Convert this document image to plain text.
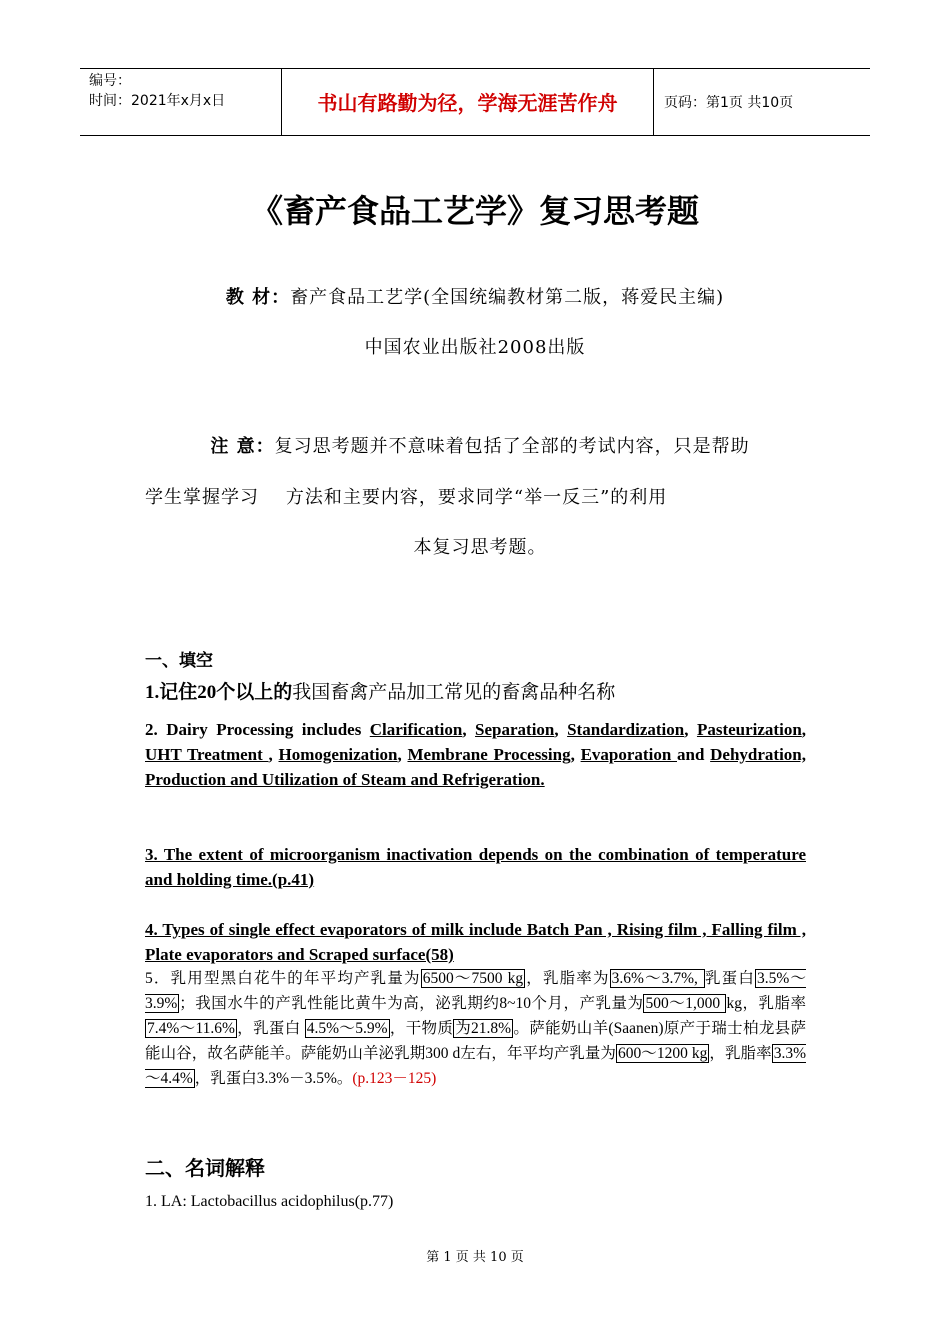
编号：
时间：2021年x月x日	书山有路勤为径，学海无涯苦作舟	页码：第1页 共10页
《畜产食品工艺学》复习思考题
教 材：畜产食品工艺学(全国统编教材第二版，蒋爱民主编)
中国农业出版社2008出版
注 意：复习思考题并不意味着包括了全部的考试内容，只是帮助
学生掌握学习    方法和主要内容，要求同学“举一反三”的利用
本复习思考题。
一、填空
1.记住20个以上的我国畜禽产品加工常见的畜禽品种名称
2. Dairy Processing includes Clarification, Separation, Standardization, Pasteurization, UHT Treatment , Homogenization, Membrane Processing, Evaporation and Dehydration, Production and Utilization of Steam and Refrigeration.
3. The extent of microorganism inactivation depends on the combination of temperature and holding time.(p.41)
4. Types of single effect evaporators of milk include Batch Pan , Rising film , Falling film , Plate evaporators and Scraped surface(58)
5．乳用型黑白花牛的年平均产乳量为 6500～7500 kg ，乳脂率为 3.6%～3.7%, 乳蛋白 3.5%～3.9% ；我国水牛的产乳性能比黄牛为高，泌乳期约8~10个月，产乳量为 500～1,000 kg，乳脂率7.4%～11.6% ，乳蛋白 4.5%～5.9% ，干物质 为21.8% 。萨能奶山羊(Saanen)原产于瑞士柏龙县萨能山谷，故名萨能羊。萨能奶山羊泌乳期300 d左右，年平均产乳量为 600～1200 kg ，乳脂率 3.3%～4.4% ，乳蛋白3.3%－3.5%。(p.123－125)
二、名词解释
1. LA: Lactobacillus acidophilus(p.77)
第 1 页 共 10 页
